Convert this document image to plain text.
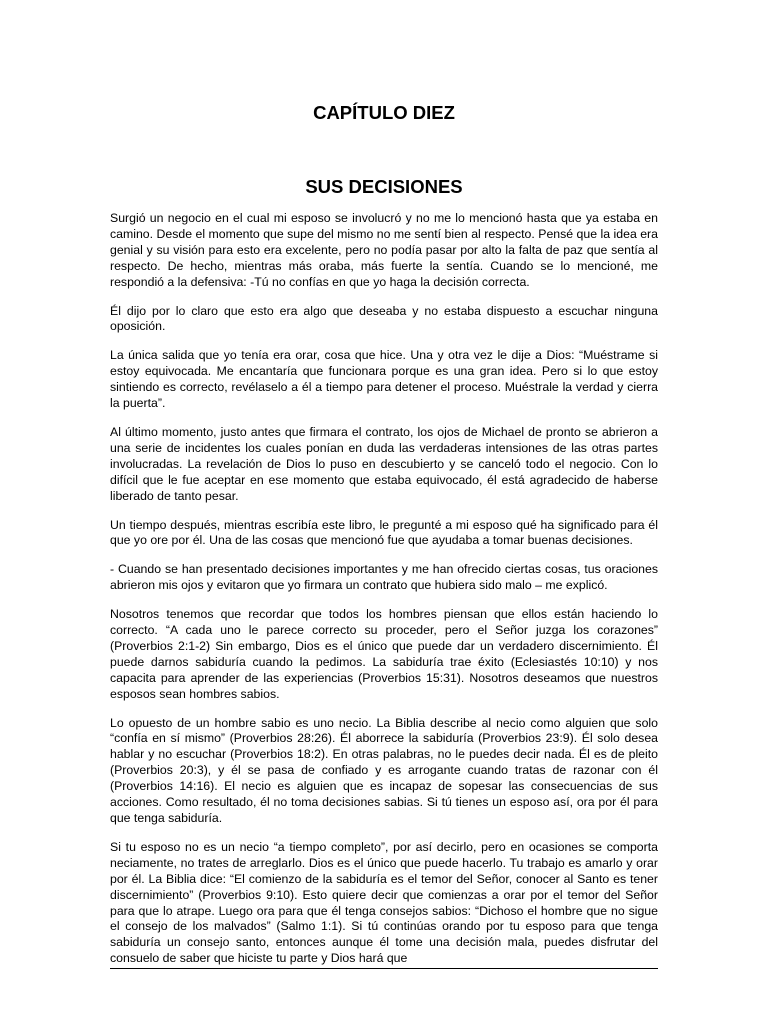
CAPÍTULO DIEZ
SUS DECISIONES

Surgió un negocio en el cual mi esposo se involucró y no me lo mencionó hasta que ya estaba en camino. Desde el momento que supe del mismo no me sentí bien al respecto. Pensé que la idea era genial y su visión para esto era excelente, pero no podía pasar por alto la falta de paz que sentía al respecto. De hecho, mientras más oraba, más fuerte la sentía. Cuando se lo mencioné, me respondió a la defensiva: -Tú no confías en que yo haga la decisión correcta.

Él dijo por lo claro que esto era algo que deseaba y no estaba dispuesto a escuchar ninguna oposición.

La única salida que yo tenía era orar, cosa que hice. Una y otra vez le dije a Dios: “Muéstrame si estoy equivocada. Me encantaría que funcionara porque es una gran idea. Pero si lo que estoy sintiendo es correcto, revélaselo a él a tiempo para detener el proceso. Muéstrale la verdad y cierra la puerta”.

Al último momento, justo antes que firmara el contrato, los ojos de Michael de pronto se abrieron a una serie de incidentes los cuales ponían en duda las verdaderas intensiones de las otras partes involucradas. La revelación de Dios lo puso en descubierto y se canceló todo el negocio. Con lo difícil que le fue aceptar en ese momento que estaba equivocado, él está agradecido de haberse liberado de tanto pesar.

Un tiempo después, mientras escribía este libro, le pregunté a mi esposo qué ha significado para él que yo ore por él. Una de las cosas que mencionó fue que ayudaba a tomar buenas decisiones.

- Cuando se han presentado decisiones importantes y me han ofrecido ciertas cosas, tus oraciones abrieron mis ojos y evitaron que yo firmara un contrato que hubiera sido malo – me explicó.

Nosotros tenemos que recordar que todos los hombres piensan que ellos están haciendo lo correcto. “A cada uno le parece correcto su proceder, pero el Señor juzga los corazones” (Proverbios 2:1-2) Sin embargo, Dios es el único que puede dar un verdadero discernimiento. Él puede darnos sabiduría cuando la pedimos. La sabiduría trae éxito (Eclesiastés 10:10) y nos capacita para aprender de las experiencias (Proverbios 15:31). Nosotros deseamos que nuestros esposos sean hombres sabios.

Lo opuesto de un hombre sabio es uno necio. La Biblia describe al necio como alguien que solo “confía en sí mismo” (Proverbios 28:26). Él aborrece la sabiduría (Proverbios 23:9). Él solo desea hablar y no escuchar (Proverbios 18:2). En otras palabras, no le puedes decir nada. Él es de pleito (Proverbios 20:3), y él se pasa de confiado y es arrogante cuando tratas de razonar con él (Proverbios 14:16). El necio es alguien que es incapaz de sopesar las consecuencias de sus acciones. Como resultado, él no toma decisiones sabias. Si tú tienes un esposo así, ora por él para que tenga sabiduría.

Si tu esposo no es un necio “a tiempo completo”, por así decirlo, pero en ocasiones se comporta neciamente, no trates de arreglarlo. Dios es el único que puede hacerlo. Tu trabajo es amarlo y orar por él. La Biblia dice: “El comienzo de la sabiduría es el temor del Señor, conocer al Santo es tener discernimiento” (Proverbios 9:10). Esto quiere decir que comienzas a orar por el temor del Señor para que lo atrape. Luego ora para que él tenga consejos sabios: “Dichoso el hombre que no sigue el consejo de los malvados” (Salmo 1:1). Si tú continúas orando por tu esposo para que tenga sabiduría un consejo santo, entonces aunque él tome una decisión mala, puedes disfrutar del consuelo de saber que hiciste tu parte y Dios hará que
